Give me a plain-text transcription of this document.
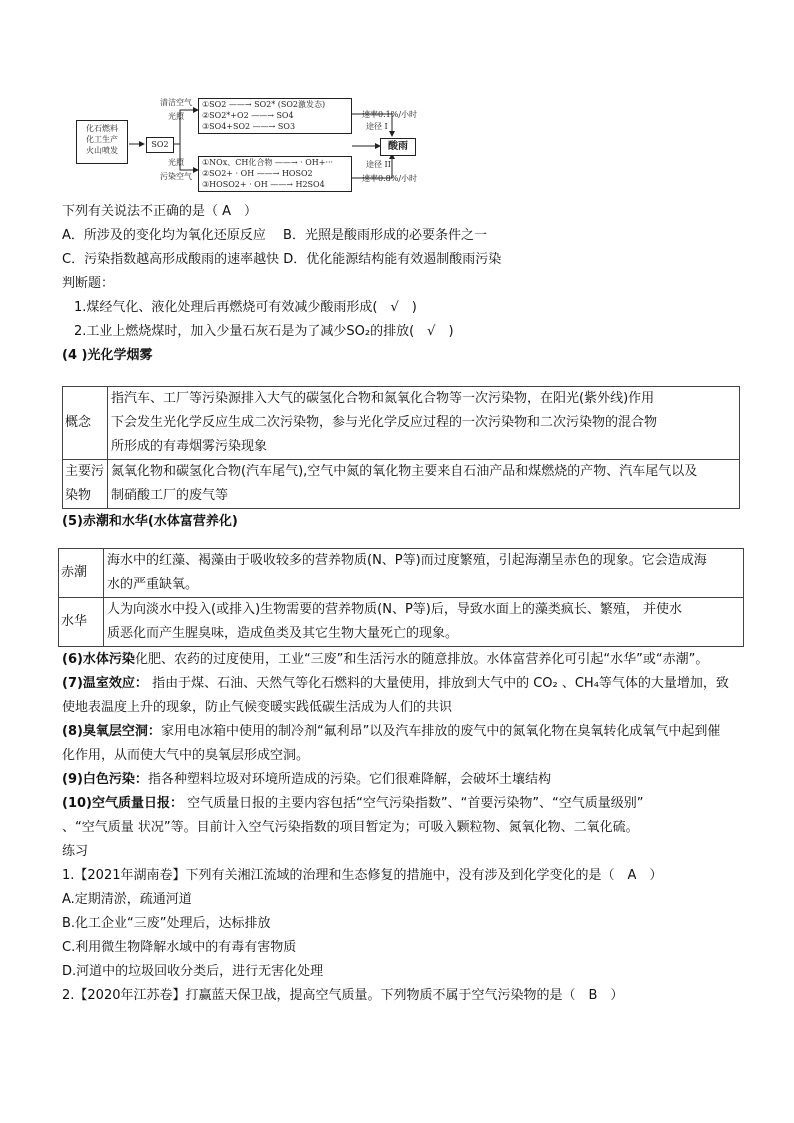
化石燃料
化工生产
火山喷发
SO2
清洁空气
光照
光照
污染空气
①SO2 ——→ SO2* (SO2激发态)
②SO2*+O2 ——→ SO4
③SO4+SO2 ——→ SO3
①NOx、CH化合物 ——→ · OH+···
②SO2+ · OH ——→ HOSO2
③HOSO2+ · OH ——→ H2SO4
速率0.1%/小时
途径 I
途径 II
速率0.8%/小时
酸雨
下列有关说法不正确的是（ A　）
A．所涉及的变化均为氧化还原反应　 B．光照是酸雨形成的必要条件之一
C．污染指数越高形成酸雨的速率越快 D．优化能源结构能有效遏制酸雨污染
判断题：
1.煤经气化、液化处理后再燃烧可有效减少酸雨形成(　√　)
2.工业上燃烧煤时，加入少量石灰石是为了减少SO₂的排放(　√　)
(4 )光化学烟雾
概念	指汽车、工厂等污染源排入大气的碳氢化合物和氮氧化合物等一次污染物，在阳光(紫外线)作用
下会发生光化学反应生成二次污染物，参与光化学反应过程的一次污染物和二次污染物的混合物
所形成的有毒烟雾污染现象

主要污染物	氮氧化物和碳氢化合物(汽车尾气),空气中氮的氧化物主要来自石油产品和煤燃烧的产物、汽车尾气以及
制硝酸工厂的废气等
(5)赤潮和水华(水体富营养化)
赤潮	海水中的红藻、褐藻由于吸收较多的营养物质(N、P等)而过度繁殖，引起海潮呈赤色的现象。它会造成海
水的严重缺氧。

水华	人为向淡水中投入(或排入)生物需要的营养物质(N、P等)后，导致水面上的藻类疯长、繁殖， 并使水
质恶化而产生腥臭味，造成鱼类及其它生物大量死亡的现象。
(6)水体污染化肥、农药的过度使用，工业“三废”和生活污水的随意排放。水体富营养化可引起“水华”或“赤潮”。
(7)温室效应： 指由于煤、石油、天然气等化石燃料的大量使用，排放到大气中的 CO₂ 、CH₄等气体的大量增加，致
使地表温度上升的现象，防止气候变暖实践低碳生活成为人们的共识
(8)臭氧层空洞：家用电冰箱中使用的制冷剂“氟利昂”以及汽车排放的废气中的氮氧化物在臭氧转化成氧气中起到催
化作用，从而使大气中的臭氧层形成空洞。
(9)白色污染：指各种塑料垃圾对环境所造成的污染。它们很难降解，会破坏土壤结构
(10)空气质量日报： 空气质量日报的主要内容包括“空气污染指数”、“首要污染物”、“空气质量级别”
、“空气质量 状况”等。目前计入空气污染指数的项目暂定为；可吸入颗粒物、氮氧化物、二氧化硫。
练习
1.【2021年湖南卷】下列有关湘江流域的治理和生态修复的措施中，没有涉及到化学变化的是（　A　）
A.定期清淤，疏通河道
B.化工企业“三废”处理后，达标排放
C.利用微生物降解水域中的有毒有害物质
D.河道中的垃圾回收分类后，进行无害化处理
2.【2020年江苏卷】打赢蓝天保卫战，提高空气质量。下列物质不属于空气污染物的是（　B　）
